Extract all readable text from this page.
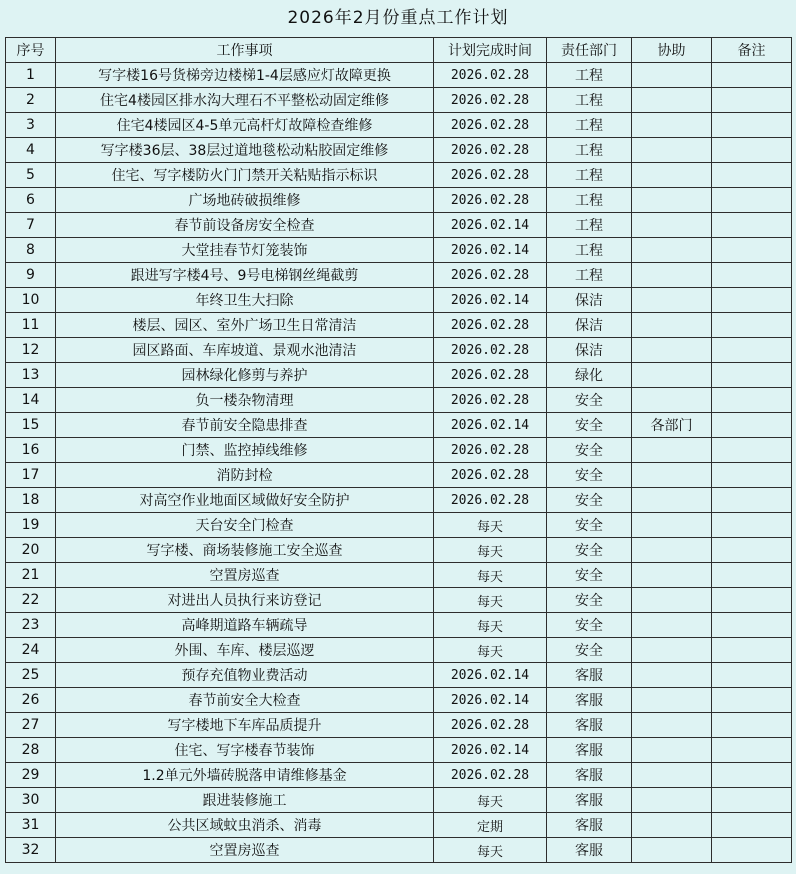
2026年2月份重点工作计划
序号	工作事项	计划完成时间	责任部门	协助	备注
1	写字楼16号货梯旁边楼梯1-4层感应灯故障更换	2026.02.28	工程		
2	住宅4楼园区排水沟大理石不平整松动固定维修	2026.02.28	工程		
3	住宅4楼园区4-5单元高杆灯故障检查维修	2026.02.28	工程		
4	写字楼36层、38层过道地毯松动粘胶固定维修	2026.02.28	工程		
5	住宅、写字楼防火门门禁开关粘贴指示标识	2026.02.28	工程		
6	广场地砖破损维修	2026.02.28	工程		
7	春节前设备房安全检查	2026.02.14	工程		
8	大堂挂春节灯笼装饰	2026.02.14	工程		
9	跟进写字楼4号、9号电梯钢丝绳截剪	2026.02.28	工程		
10	年终卫生大扫除	2026.02.14	保洁		
11	楼层、园区、室外广场卫生日常清洁	2026.02.28	保洁		
12	园区路面、车库坡道、景观水池清洁	2026.02.28	保洁		
13	园林绿化修剪与养护	2026.02.28	绿化		
14	负一楼杂物清理	2026.02.28	安全		
15	春节前安全隐患排查	2026.02.14	安全	各部门	
16	门禁、监控掉线维修	2026.02.28	安全		
17	消防封检	2026.02.28	安全		
18	对高空作业地面区域做好安全防护	2026.02.28	安全		
19	天台安全门检查	每天	安全		
20	写字楼、商场装修施工安全巡查	每天	安全		
21	空置房巡查	每天	安全		
22	对进出人员执行来访登记	每天	安全		
23	高峰期道路车辆疏导	每天	安全		
24	外围、车库、楼层巡逻	每天	安全		
25	预存充值物业费活动	2026.02.14	客服		
26	春节前安全大检查	2026.02.14	客服		
27	写字楼地下车库品质提升	2026.02.28	客服		
28	住宅、写字楼春节装饰	2026.02.14	客服		
29	1.2单元外墙砖脱落申请维修基金	2026.02.28	客服		
30	跟进装修施工	每天	客服		
31	公共区域蚊虫消杀、消毒	定期	客服		
32	空置房巡查	每天	客服		
